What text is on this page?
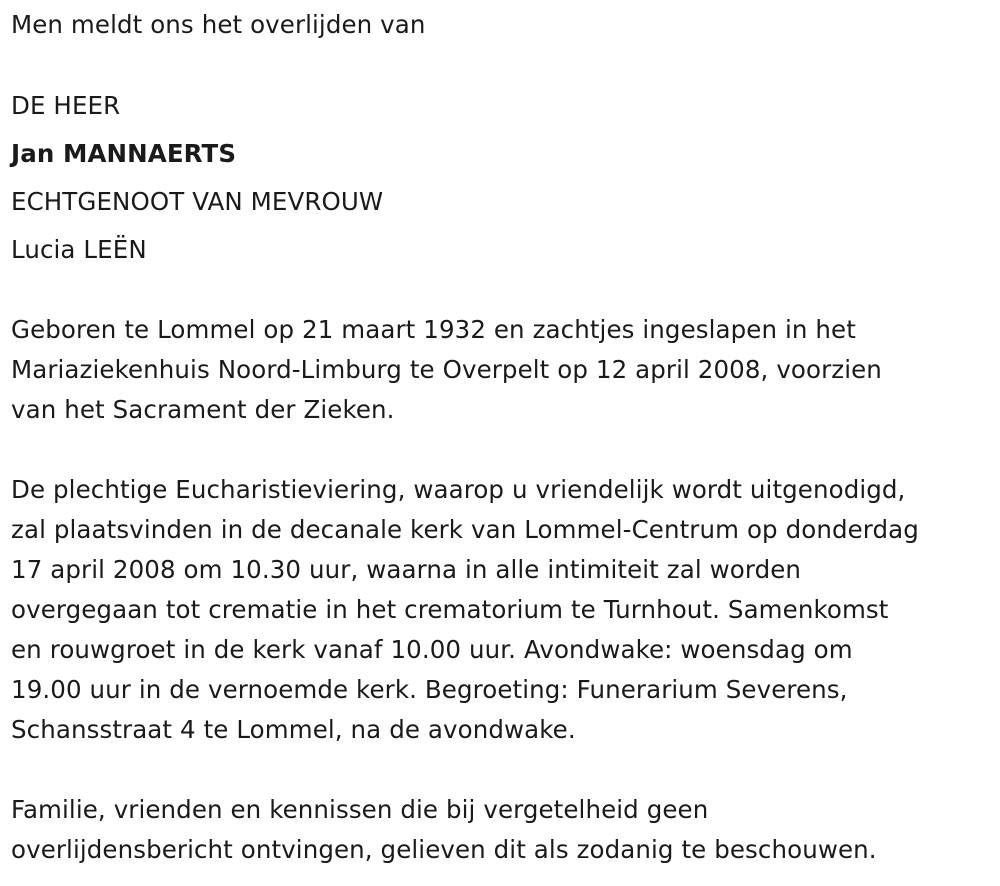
Men meldt ons het overlijden van
DE HEER
Jan MANNAERTS
ECHTGENOOT VAN MEVROUW
Lucia LEËN
Geboren te Lommel op 21 maart 1932 en zachtjes ingeslapen in het
Mariaziekenhuis Noord-Limburg te Overpelt op 12 april 2008, voorzien
van het Sacrament der Zieken.
De plechtige Eucharistieviering, waarop u vriendelijk wordt uitgenodigd,
zal plaatsvinden in de decanale kerk van Lommel-Centrum op donderdag
17 april 2008 om 10.30 uur, waarna in alle intimiteit zal worden
overgegaan tot crematie in het crematorium te Turnhout. Samenkomst
en rouwgroet in de kerk vanaf 10.00 uur. Avondwake: woensdag om
19.00 uur in de vernoemde kerk. Begroeting: Funerarium Severens,
Schansstraat 4 te Lommel, na de avondwake.
Familie, vrienden en kennissen die bij vergetelheid geen
overlijdensbericht ontvingen, gelieven dit als zodanig te beschouwen.
